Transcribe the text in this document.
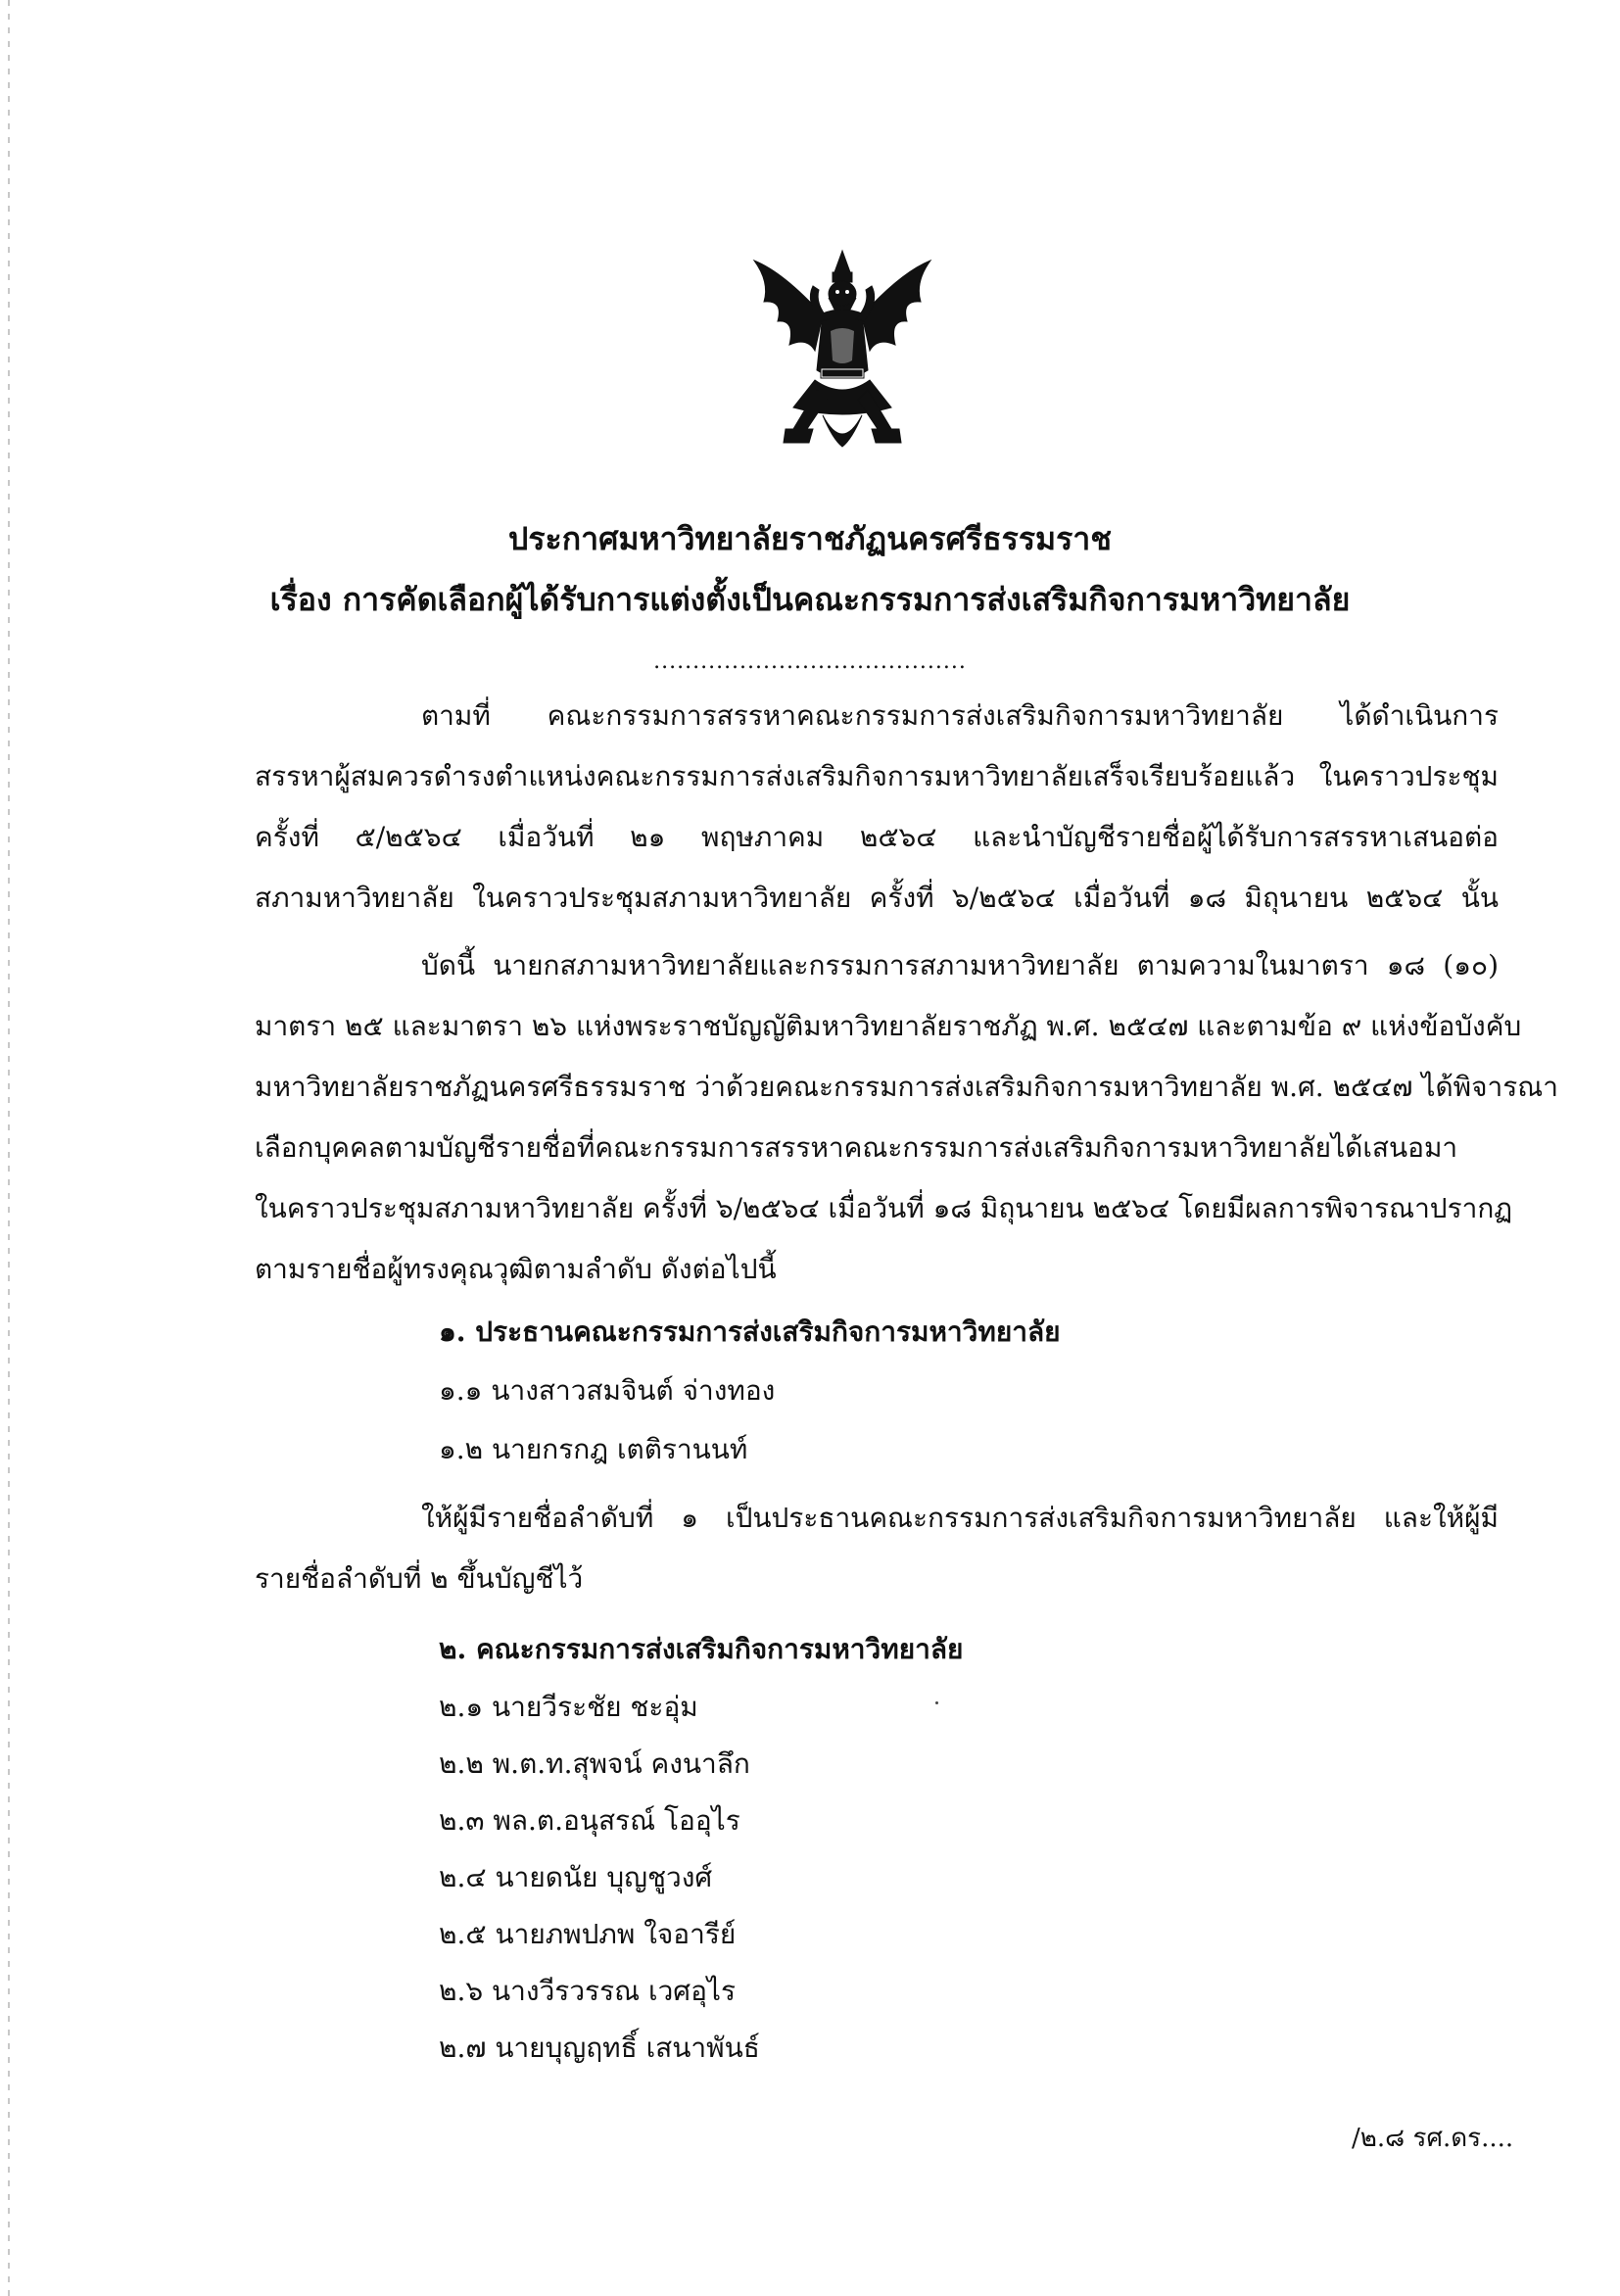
ประกาศมหาวิทยาลัยราชภัฏนครศรีธรรมราช
เรื่อง การคัดเลือกผู้ได้รับการแต่งตั้งเป็นคณะกรรมการส่งเสริมกิจการมหาวิทยาลัย
........................................
ตามที่ คณะกรรมการสรรหาคณะกรรมการส่งเสริมกิจการมหาวิทยาลัย ได้ดำเนินการ
สรรหาผู้สมควรดำรงตำแหน่งคณะกรรมการส่งเสริมกิจการมหาวิทยาลัยเสร็จเรียบร้อยแล้ว ในคราวประชุม
ครั้งที่ ๕/๒๕๖๔ เมื่อวันที่ ๒๑ พฤษภาคม ๒๕๖๔ และนำบัญชีรายชื่อผู้ได้รับการสรรหาเสนอต่อ
สภามหาวิทยาลัย ในคราวประชุมสภามหาวิทยาลัย ครั้งที่ ๖/๒๕๖๔ เมื่อวันที่ ๑๘ มิถุนายน ๒๕๖๔ นั้น
บัดนี้ นายกสภามหาวิทยาลัยและกรรมการสภามหาวิทยาลัย ตามความในมาตรา ๑๘ (๑๐)
มาตรา ๒๕ และมาตรา ๒๖ แห่งพระราชบัญญัติมหาวิทยาลัยราชภัฏ พ.ศ. ๒๕๔๗ และตามข้อ ๙ แห่งข้อบังคับ
มหาวิทยาลัยราชภัฏนครศรีธรรมราช ว่าด้วยคณะกรรมการส่งเสริมกิจการมหาวิทยาลัย พ.ศ. ๒๕๔๗ ได้พิจารณา
เลือกบุคคลตามบัญชีรายชื่อที่คณะกรรมการสรรหาคณะกรรมการส่งเสริมกิจการมหาวิทยาลัยได้เสนอมา
ในคราวประชุมสภามหาวิทยาลัย ครั้งที่ ๖/๒๕๖๔ เมื่อวันที่ ๑๘ มิถุนายน ๒๕๖๔ โดยมีผลการพิจารณาปรากฏ
ตามรายชื่อผู้ทรงคุณวุฒิตามลำดับ ดังต่อไปนี้
๑. ประธานคณะกรรมการส่งเสริมกิจการมหาวิทยาลัย
๑.๑ นางสาวสมจินต์ จ่างทอง
๑.๒ นายกรกฎ เตติรานนท์
ให้ผู้มีรายชื่อลำดับที่ ๑ เป็นประธานคณะกรรมการส่งเสริมกิจการมหาวิทยาลัย และให้ผู้มี
รายชื่อลำดับที่ ๒ ขึ้นบัญชีไว้
๒. คณะกรรมการส่งเสริมกิจการมหาวิทยาลัย
๒.๑ นายวีระชัย ชะอุ่ม
๒.๒ พ.ต.ท.สุพจน์ คงนาลึก
๒.๓ พล.ต.อนุสรณ์ โออุไร
๒.๔ นายดนัย บุญชูวงศ์
๒.๕ นายภพปภพ ใจอารีย์
๒.๖ นางวีรวรรณ เวศอุไร
๒.๗ นายบุญฤทธิ์ เสนาพันธ์
/๒.๘ รศ.ดร....
